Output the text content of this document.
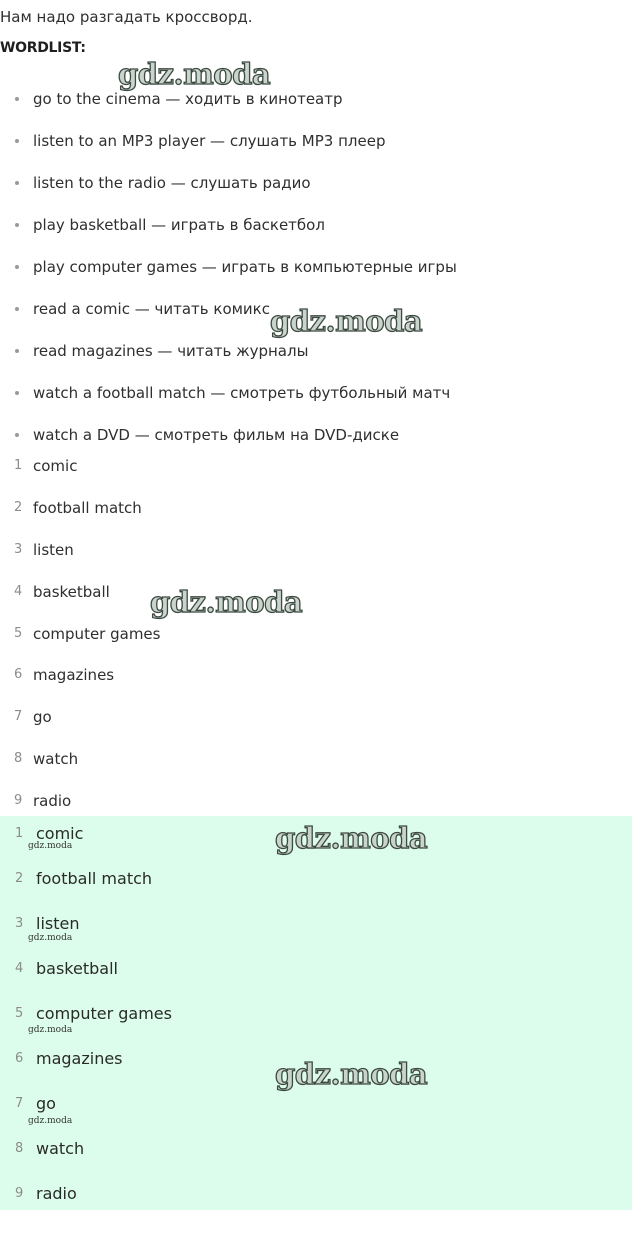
Нам надо разгадать кроссворд.
WORDLIST:
go to the cinema — ходить в кинотеатр
listen to an MP3 player — слушать MP3 плеер
listen to the radio — слушать радио
play basketball — играть в баскетбол
play computer games — играть в компьютерные игры
read a comic — читать комикс
read magazines — читать журналы
watch a football match — смотреть футбольный матч
watch a DVD — смотреть фильм на DVD-диске
1 comic
2 football match
3 listen
4 basketball
5 computer games
6 magazines
7 go
8 watch
9 radio
1 comic
gdz.moda
2 football match
3 listen
gdz.moda
4 basketball
5 computer games
gdz.moda
6 magazines
7 go
gdz.moda
8 watch
9 radio
gdz.moda
gdz.moda
gdz.moda
gdz.moda
gdz.moda
